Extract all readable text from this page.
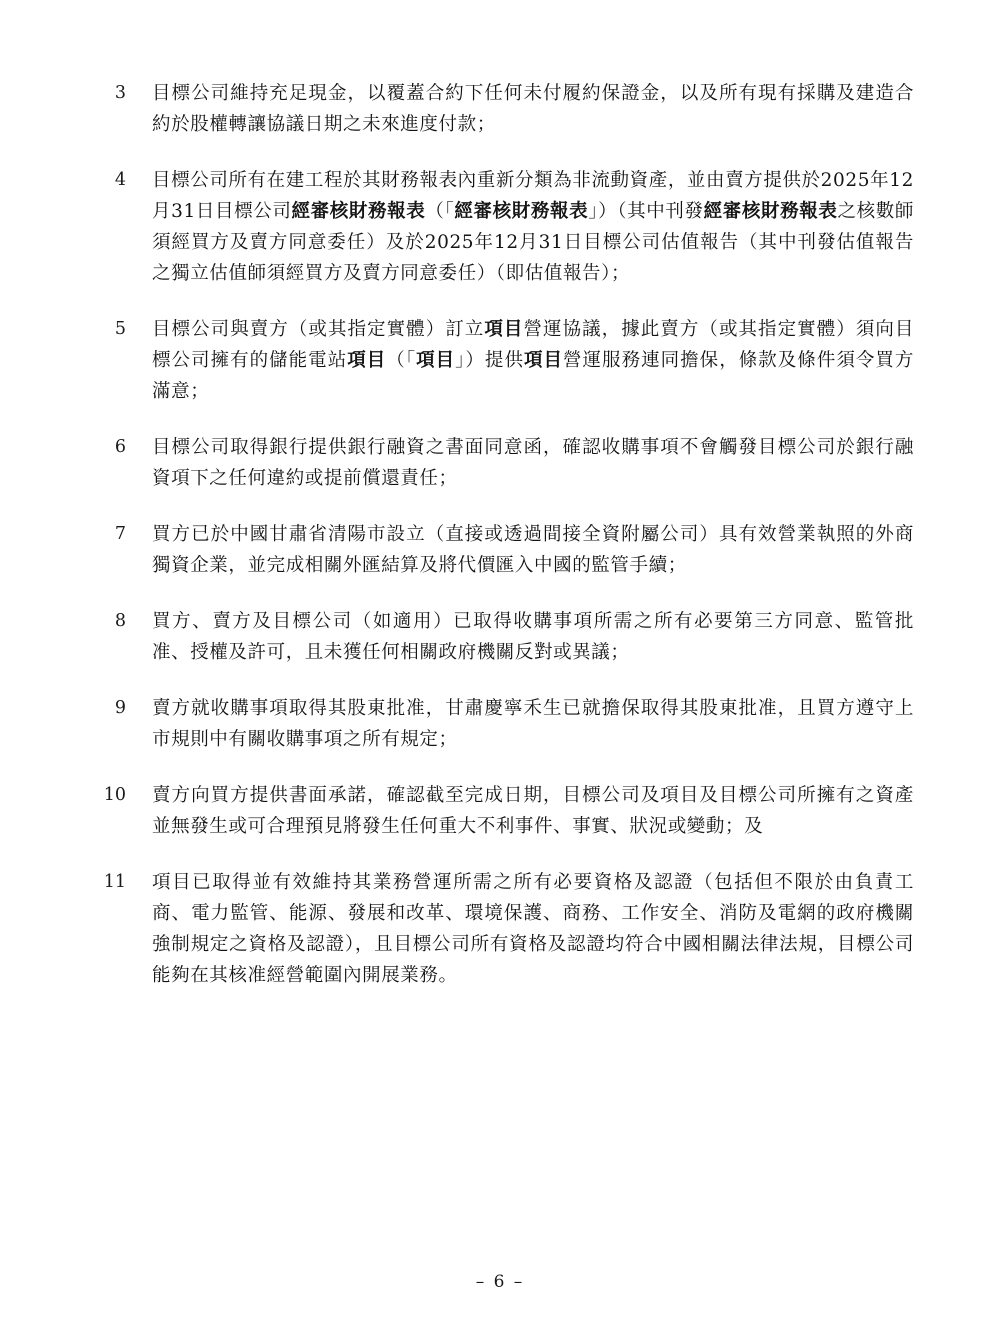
3	目標公司維持充足現金，以覆蓋合約下任何未付履約保證金，以及所有現有採購及建造合約於股權轉讓協議日期之未來進度付款；
4	目標公司所有在建工程於其財務報表內重新分類為非流動資產，並由賣方提供於2025年12月31日目標公司經審核財務報表（「經審核財務報表」）（其中刊發經審核財務報表之核數師須經買方及賣方同意委任）及於2025年12月31日目標公司估值報告（其中刊發估值報告之獨立估值師須經買方及賣方同意委任）（即估值報告）；
5	目標公司與賣方（或其指定實體）訂立項目營運協議，據此賣方（或其指定實體）須向目標公司擁有的儲能電站項目（「項目」）提供項目營運服務連同擔保，條款及條件須令買方滿意；
6	目標公司取得銀行提供銀行融資之書面同意函，確認收購事項不會觸發目標公司於銀行融資項下之任何違約或提前償還責任；
7	買方已於中國甘肅省清陽市設立（直接或透過間接全資附屬公司）具有效營業執照的外商獨資企業，並完成相關外匯結算及將代價匯入中國的監管手續；
8	買方、賣方及目標公司（如適用）已取得收購事項所需之所有必要第三方同意、監管批准、授權及許可，且未獲任何相關政府機關反對或異議；
9	賣方就收購事項取得其股東批准，甘肅慶寧禾生已就擔保取得其股東批准，且買方遵守上市規則中有關收購事項之所有規定；
10	賣方向買方提供書面承諾，確認截至完成日期，目標公司及項目及目標公司所擁有之資產並無發生或可合理預見將發生任何重大不利事件、事實、狀況或變動；及
11	項目已取得並有效維持其業務營運所需之所有必要資格及認證（包括但不限於由負責工商、電力監管、能源、發展和改革、環境保護、商務、工作安全、消防及電網的政府機關強制規定之資格及認證），且目標公司所有資格及認證均符合中國相關法律法規，目標公司能夠在其核准經營範圍內開展業務。
– 6 –
